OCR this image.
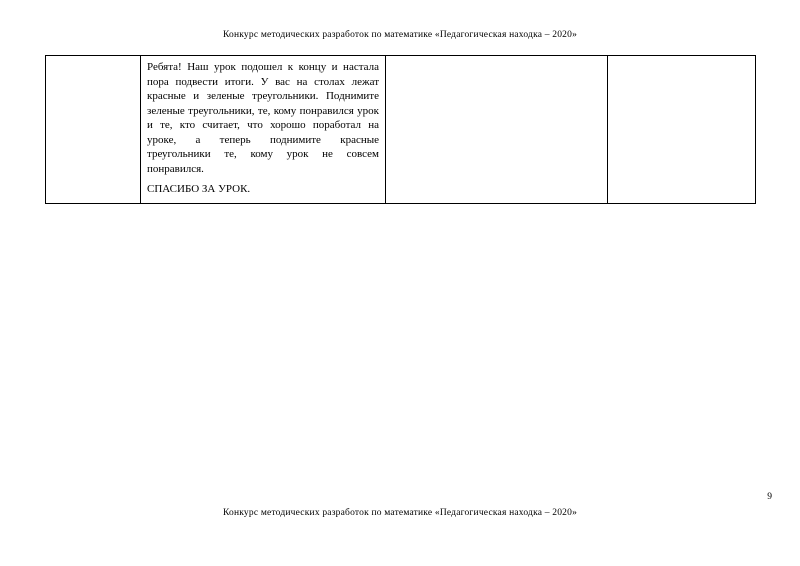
Конкурс методических разработок по математике «Педагогическая находка – 2020»

Ребята! Наш урок подошел к концу и настала пора подвести итоги. У вас на столах лежат красные и зеленые треугольники. Поднимите зеленые треугольники, те, кому понравился урок и те, кто считает, что хорошо поработал на уроке, а теперь поднимите красные треугольники те, кому урок не совсем понравился.

СПАСИБО ЗА УРОК.

9
Конкурс методических разработок по математике «Педагогическая находка – 2020»
